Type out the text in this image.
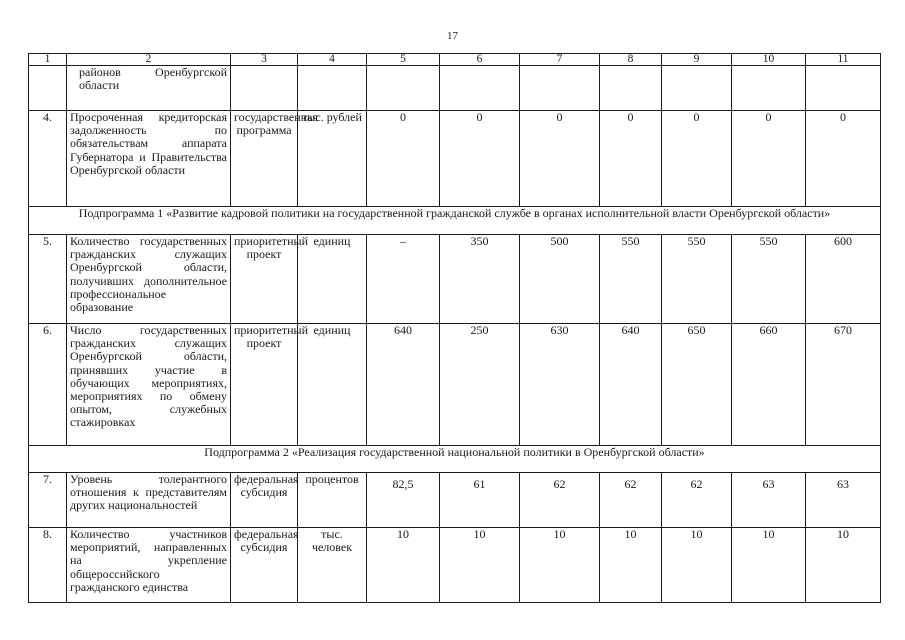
17
1	2	3	4	5	6	7	8	9	10	11
	районов Оренбургской области									
4.	Просроченная кредиторская задолженность по обязательствам аппарата Губернатора и Правительства Оренбургской области	государственная программа	тыс. рублей	0	0	0	0	0	0	0
Подпрограмма 1 «Развитие кадровой политики на государственной гражданской службе в органах исполнительной власти Оренбургской области»										
5.	Количество государственных гражданских служащих Оренбургской области, получивших дополнительное профессиональное образование	приоритетный проект	единиц	–	350	500	550	550	550	600
6.	Число государственных гражданских служащих Оренбургской области, принявших участие в обучающих мероприятиях, мероприятиях по обмену опытом, служебных стажировках	приоритетный проект	единиц	640	250	630	640	650	660	670
Подпрограмма 2 «Реализация государственной национальной политики в Оренбургской области»										
7.	Уровень толерантного отношения к представителям других национальностей	федеральная субсидия	процентов	82,5	61	62	62	62	63	63
8.	Количество участников мероприятий, направленных на укрепление общероссийского гражданского единства	федеральная субсидия	тыс. человек	10	10	10	10	10	10	10
